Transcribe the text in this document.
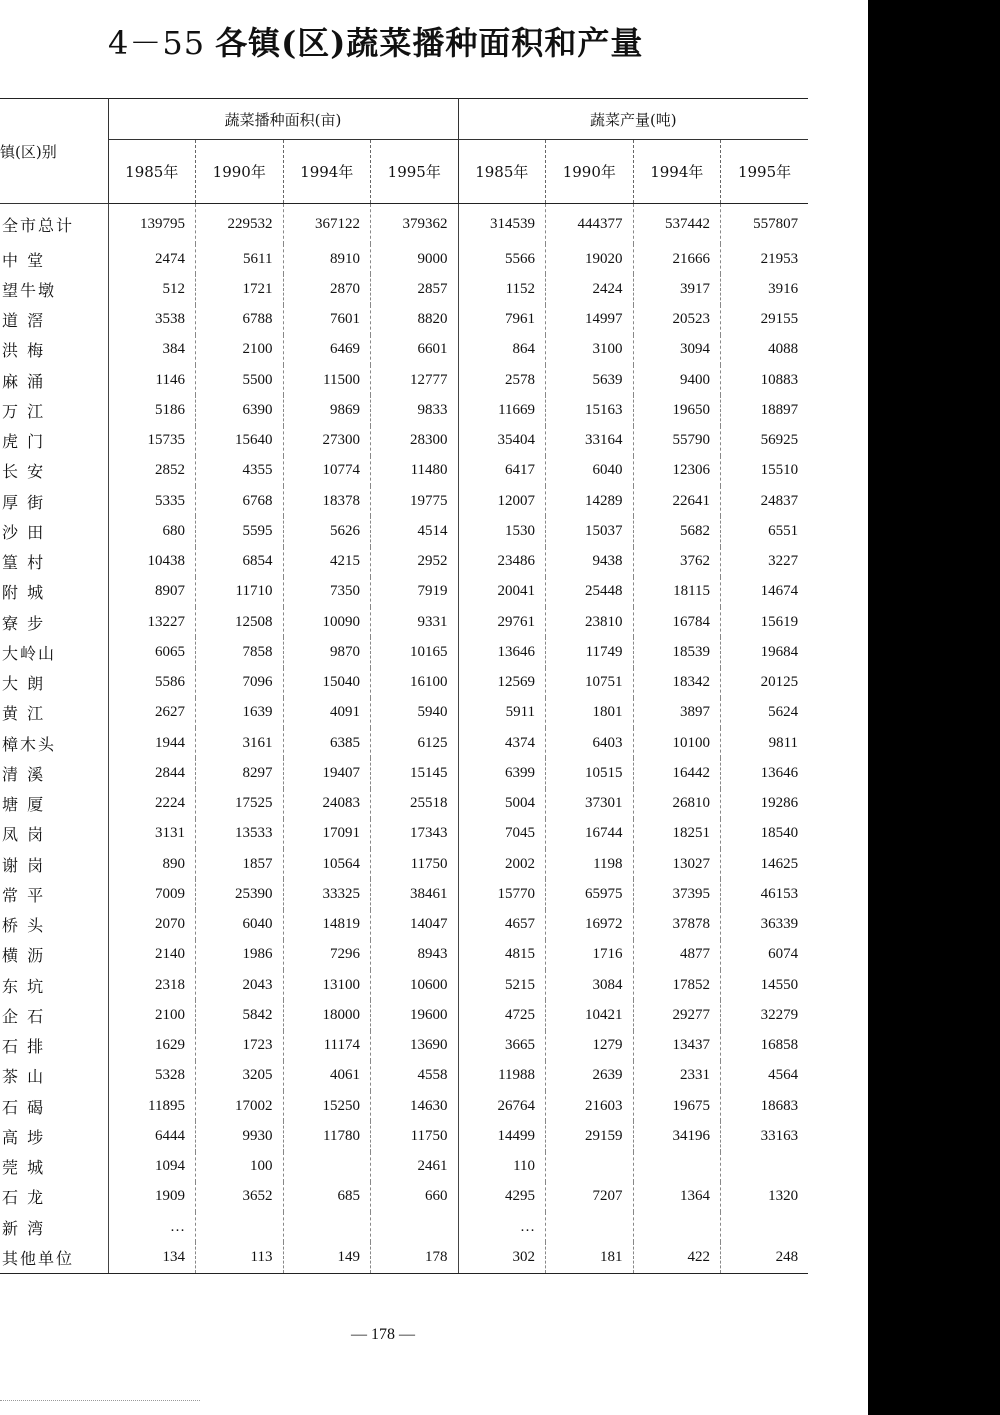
4－55 各镇(区)蔬菜播种面积和产量
镇(区)别	蔬菜播种面积(亩)				蔬菜产量(吨)			
	1985年	1990年	1994年	1995年	1985年	1990年	1994年	1995年
全市总计	139795	229532	367122	379362	314539	444377	537442	557807
中 堂	2474	5611	8910	9000	5566	19020	21666	21953
望牛墩	512	1721	2870	2857	1152	2424	3917	3916
道 滘	3538	6788	7601	8820	7961	14997	20523	29155
洪 梅	384	2100	6469	6601	864	3100	3094	4088
麻 涌	1146	5500	11500	12777	2578	5639	9400	10883
万 江	5186	6390	9869	9833	11669	15163	19650	18897
虎 门	15735	15640	27300	28300	35404	33164	55790	56925
长 安	2852	4355	10774	11480	6417	6040	12306	15510
厚 街	5335	6768	18378	19775	12007	14289	22641	24837
沙 田	680	5595	5626	4514	1530	15037	5682	6551
篁 村	10438	6854	4215	2952	23486	9438	3762	3227
附 城	8907	11710	7350	7919	20041	25448	18115	14674
寮 步	13227	12508	10090	9331	29761	23810	16784	15619
大岭山	6065	7858	9870	10165	13646	11749	18539	19684
大 朗	5586	7096	15040	16100	12569	10751	18342	20125
黄 江	2627	1639	4091	5940	5911	1801	3897	5624
樟木头	1944	3161	6385	6125	4374	6403	10100	9811
清 溪	2844	8297	19407	15145	6399	10515	16442	13646
塘 厦	2224	17525	24083	25518	5004	37301	26810	19286
凤 岗	3131	13533	17091	17343	7045	16744	18251	18540
谢 岗	890	1857	10564	11750	2002	1198	13027	14625
常 平	7009	25390	33325	38461	15770	65975	37395	46153
桥 头	2070	6040	14819	14047	4657	16972	37878	36339
横 沥	2140	1986	7296	8943	4815	1716	4877	6074
东 坑	2318	2043	13100	10600	5215	3084	17852	14550
企 石	2100	5842	18000	19600	4725	10421	29277	32279
石 排	1629	1723	11174	13690	3665	1279	13437	16858
茶 山	5328	3205	4061	4558	11988	2639	2331	4564
石 碣	11895	17002	15250	14630	26764	21603	19675	18683
高 埗	6444	9930	11780	11750	14499	29159	34196	33163
莞 城	1094	100		2461	110			
石 龙	1909	3652	685	660	4295	7207	1364	1320
新 湾	…				…			
其他单位	134	113	149	178	302	181	422	248
— 178 —
